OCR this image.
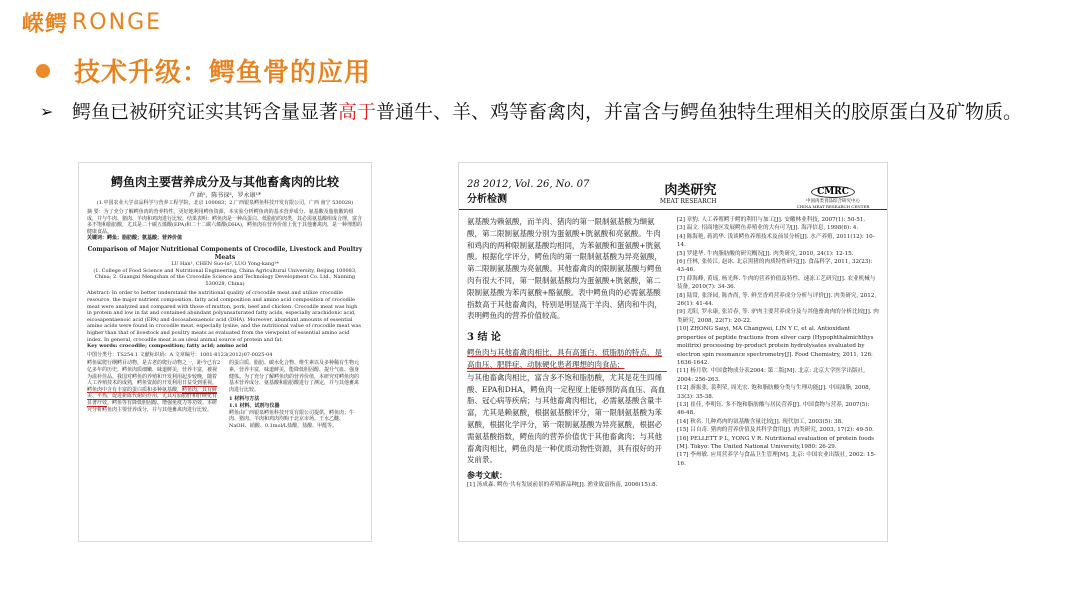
嵘鳄 RONGE
技术升级：鳄鱼骨的应用
➢ 鳄鱼已被研究证实其钙含量显著高于普通牛、羊、鸡等畜禽肉，并富含与鳄鱼独特生理相关的胶原蛋白及矿物质。
鳄鱼肉主要营养成分及与其他畜禽肉的比较
卢 涵¹，陈书禄²，罗永康¹*
(1.中国农业大学食品科学与营养工程学院，北京 100083；2.广西银泉鳄鱼科技开发有限公司，广西 南宁 530028)
摘 要：为了充分了解鳄鱼肉的营养特性，更好地利用鳄鱼资源，本实验分析鳄鱼肉的基本营养成分、氨基酸及脂肪酸的组成，并与牛肉、猪肉、羊肉和鸡肉进行比较。结果表明：鳄鱼肉是一种高蛋白、低脂肪的肉类，其必需氨基酸组成合理，富含多不饱和脂肪酸，尤其是二十碳五烯酸(EPA)和二十二碳六烯酸(DHA)，鳄鱼肉在营养价值上优于其他畜禽肉，是一种理想的健康食品。
关键词：鳄鱼；脂肪酸；氨基酸；营养价值
Comparison of Major Nutritional Components of Crocodile, Livestock and Poultry Meats
LU Han¹, CHEN Suo-lu², LUO Yong-kang¹*
(1. College of Food Science and Nutritional Engineering, China Agricultural University, Beijing 100083, China; 2. Guangxi Mengshan of the Crocodile Science and Technology Development Co. Ltd., Nanning 530028, China)
Abstract: In order to better understand the nutritional quality of crocodile meat and utilize crocodile resource, the major nutrient composition, fatty acid composition and amino acid composition of crocodile meat were analyzed and compared with those of mutton, pork, beef and chicken. Crocodile meat was high in protein and low in fat and contained abundant polyunsaturated fatty acids, especially arachidonic acid, eicosapentaenoic acid (EPA) and docosahexaenoic acid (DHA). Moreover, abundant amounts of essential amino acids were found in crocodile meat, especially lysine, and the nutritional value of crocodile meat was higher than that of livestock and poultry meats as evaluated from the viewpoint of essential amino acid index. In general, crocodile meat is an ideal animal source of protein and fat.
Key words: crocodile; composition; fatty acid; amino acid
中图分类号：TS254.1 文献标识码：A 文章编号：1001-8123(2012)07-0025-04
鳄鱼属爬行纲鳄目动物，是古老的爬行动物之一，距今已有2亿多年的历史。鳄鱼肉质细嫩、味道鲜美，营养丰富，被视为滋补佳品。我国对鳄鱼的养殖和开发利用起步较晚，随着人工养殖技术的成熟，鳄鱼资源的开发利用日益受到重视。鳄鱼肉中含有丰富的蛋白质和多种氨基酸，鳄鱼肉，具有鲜美、平热，促进新陈代谢的作用，尤其对脂肪肝和肝硬化有显著疗效。鳄鱼等有降低胆固醇、增强免疫力等功效。本研究分析鳄鱼肉主要营养成分，并与其他畜禽肉进行比较。
的蛋白质、脂肪、碳水化合物、维生素以及多种稀有生物元素，营养丰富，味道鲜美，能降低胆固醇、提升气血、强身健体。为了充分了解鳄鱼肉的营养价值，本研究对鳄鱼肉的基本营养成分、氨基酸和脂肪酸进行了测定，并与其他畜禽肉进行比较。
1 材料与方法
1.1 材料、试剂与仪器
鳄鱼由广西银泉鳄鱼科技开发有限公司提供，鳄鱼肉；牛肉、猪肉、羊肉和鸡肉均购于北京市场。王水乙醚、NaOH、硝酸、0.1mol/L盐酸，盐酸、甲醛等。
28 2012, Vol. 26, No. 07
分析检测
肉类研究
MEAT RESEARCH
CMRC
中国肉类食品综合研究中心
CHINA MEAT RESEARCH CENTER
氨基酸为赖氨酸，而羊肉、猪肉的第一限制氨基酸为缬氨酸，第二限制氨基酸分别为蛋氨酸+胱氨酸和亮氨酸。牛肉和鸡肉的两种限制氨基酸均相同，为苯氨酸和蛋氨酸+胱氨酸。根据化学评分，鳄鱼肉的第一限制氨基酸为异亮氨酸，第二限制氨基酸为亮氨酸。其他畜禽肉的限制氨基酸与鳄鱼肉有很大不同，第一限制氨基酸均为蛋氨酸+胱氨酸，第二限制氨基酸为苯丙氨酸+酪氨酸。表中鳄鱼肉的必需氨基酸指数高于其他畜禽肉，特别是明显高于羊肉、猪肉和牛肉，表明鳄鱼肉的营养价值较高。
3 结 论
鳄鱼肉与其他畜禽肉相比，具有高蛋白、低脂肪的特点，是高血压、肥胖症、动脉硬化患者理想的肉食品；
与其他畜禽肉相比，富含多不饱和脂肪酸，尤其是花生四烯酸、EPA和DHA，鳄鱼肉一定程度上能够预防高血压、高血脂、冠心病等疾病；与其他畜禽肉相比，必需氨基酸含量丰富，尤其是赖氨酸，根据氨基酸评分，第一限制氨基酸为苯氨酸，根据化学评分，第一限制氨基酸为异亮氨酸，根据必需氨基酸指数，鳄鱼肉的营养价值优于其他畜禽肉；与其他畜禽肉相比，鳄鱼肉是一种优质动物性资源，具有很好的开发前景。
参考文献：
[1] 汤成森. 鳄鱼·共有发展前景的养殖新品种[J]. 渔业致富指南, 2006(15):8.
[2] 章豹. 人工养殖鳄于鳄的利用与加工[J]. 安徽林业科技, 2007(1): 50-51.
[3] 温文. 招商地区发展鳄鱼养殖业的大有可为[J]. 海洋信息, 1998(6): 4.
[4] 陈海艳, 蒋鸿华. 浅谈鳄鱼养殖技术及前景分析[J]. 水产养殖, 2011(12): 10-14.
[5] 罗建华. 牛肉脂肪酸的研究概况[J]. 肉类研究, 2010, 24(1): 12-15.
[6] 任林, 张传江, 赵冰. 北京黑猪的肉质特性研究[J]. 食品科学, 2011, 32(23): 43-46.
[7] 薛海峰, 黄瑶, 杨光辉. 牛肉的营养价值及特性、速冻工艺研究[J]. 农业机械与装备, 2010(7): 34-36.
[8] 陆常, 张泽园, 陈杏尚, 等. 鲜烹香鸡营养成分分析与评价[J]. 肉类研究, 2012, 26(1): 41-44.
[9] 尤阳, 罗永康, 张岩春, 等. 驴肉主要营养成分及与其他畜禽肉的分析比较[J]. 肉类研究, 2008, 22(7): 20-22.
[10] ZHONG Saiyi, MA Changwei, LIN Y C, et al. Antioxidant properties of peptide fractions from silver carp (Hypophthalmichthys molitrix) processing by-product protein hydrolysates evaluated by electron spin resonance spectrometry[J]. Food Chemistry, 2011, 126: 1636-1642.
[11] 杨月欣. 中国食物成分表2004: 第二版[M]. 北京: 北京大学医学出版社, 2004: 256-263.
[12] 游振张, 裴利荣, 周光宏. 饱和脂肪酸分类与生理功能[J]. 中国油脂, 2008, 33(3): 35-38.
[13] 崔佳, 李明钰. 多不饱和脂肪酸与居民营养[J]. 中国食物与营养, 2007(5): 46-48.
[14] 秋名. 儿种鸡肉的氨基酸含量比较[J]. 现代加工, 2003(5): 38.
[15] 吕自奇. 猪肉的营养价值及其科学食用[J]. 肉类研究, 2003, 17(2): 49-50.
[16] PELLETT P L, YONG V R. Nutritional evaluation of protein foods [M]. Tokyo: The United National University,1980: 26-29.
[17] 李州敏. 应用营养学与食品卫生管理[M]. 北京: 中国农业出版社, 2002: 15-16.
